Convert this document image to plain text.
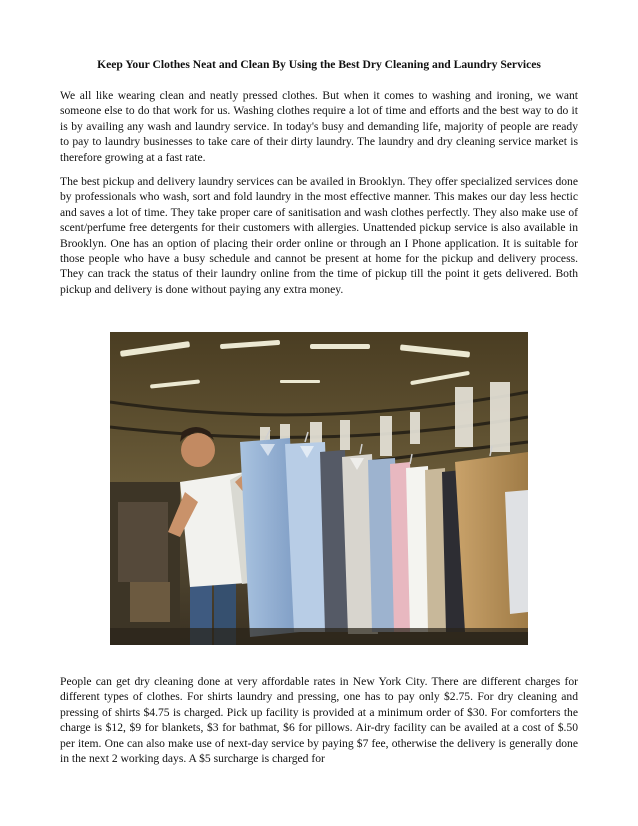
Keep Your Clothes Neat and Clean By Using the Best Dry Cleaning and Laundry Services

We all like wearing clean and neatly pressed clothes. But when it comes to washing and ironing, we want someone else to do that work for us. Washing clothes require a lot of time and efforts and the best way to do it is by availing any wash and laundry service. In today's busy and demanding life, majority of people are ready to pay to laundry businesses to take care of their dirty laundry. The laundry and dry cleaning service market is therefore growing at a fast rate.

The best pickup and delivery laundry services can be availed in Brooklyn. They offer specialized services done by professionals who wash, sort and fold laundry in the most effective manner. This makes our day less hectic and saves a lot of time. They take proper care of sanitisation and wash clothes perfectly. They also make use of scent/perfume free detergents for their customers with allergies. Unattended pickup service is also available in Brooklyn. One has an option of placing their order online or through an I Phone application. It is suitable for those people who have a busy schedule and cannot be present at home for the pickup and delivery process. They can track the status of their laundry online from the time of pickup till the point it gets delivered. Both pickup and delivery is done without paying any extra money.

People can get dry cleaning done at very affordable rates in New York City. There are different charges for different types of clothes. For shirts laundry and pressing, one has to pay only $2.75. For dry cleaning and pressing of shirts $4.75 is charged. Pick up facility is provided at a minimum order of $30. For comforters the charge is $12, $9 for blankets, $3 for bathmat, $6 for pillows. Air-dry facility can be availed at a cost of $.50 per item. One can also make use of next-day service by paying $7 fee, otherwise the delivery is generally done in the next 2 working days. A $5 surcharge is charged for
